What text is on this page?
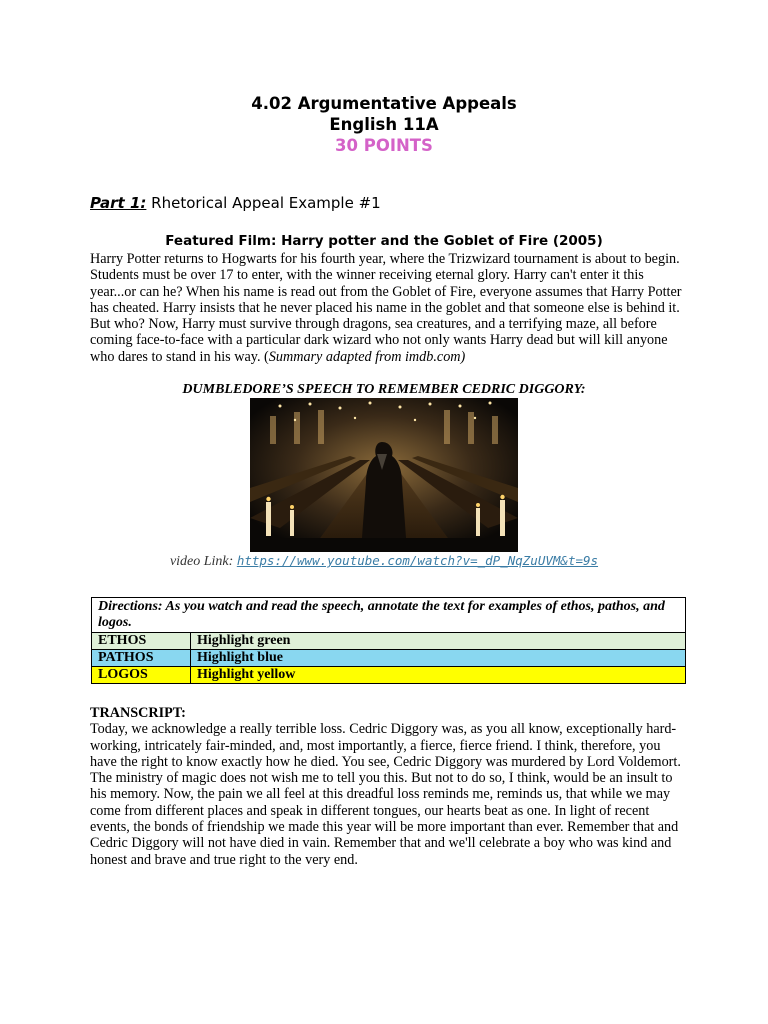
4.02 Argumentative Appeals
English 11A
30 POINTS
Part 1: Rhetorical Appeal Example #1
Featured Film: Harry potter and the Goblet of Fire (2005)
Harry Potter returns to Hogwarts for his fourth year, where the Trizwizard tournament is about to begin. Students must be over 17 to enter, with the winner receiving eternal glory. Harry can't enter it this year...or can he? When his name is read out from the Goblet of Fire, everyone assumes that Harry Potter has cheated. Harry insists that he never placed his name in the goblet and that someone else is behind it. But who? Now, Harry must survive through dragons, sea creatures, and a terrifying maze, all before coming face-to-face with a particular dark wizard who not only wants Harry dead but will kill anyone who dares to stand in his way. (Summary adapted from imdb.com)
DUMBLEDORE’S SPEECH TO REMEMBER CEDRIC DIGGORY:
video Link: https://www.youtube.com/watch?v=_dP_NqZuUVM&t=9s
Directions: As you watch and read the speech, annotate the text for examples of ethos, pathos, and logos.	
ETHOS	Highlight green
PATHOS	Highlight blue
LOGOS	Highlight yellow
TRANSCRIPT:
Today, we acknowledge a really terrible loss. Cedric Diggory was, as you all know, exceptionally hard-working, intricately fair-minded, and, most importantly, a fierce, fierce friend. I think, therefore, you have the right to know exactly how he died. You see, Cedric Diggory was murdered by Lord Voldemort. The ministry of magic does not wish me to tell you this. But not to do so, I think, would be an insult to his memory. Now, the pain we all feel at this dreadful loss reminds me, reminds us, that while we may come from different places and speak in different tongues, our hearts beat as one. In light of recent events, the bonds of friendship we made this year will be more important than ever. Remember that and Cedric Diggory will not have died in vain. Remember that and we'll celebrate a boy who was kind and honest and brave and true right to the very end.
